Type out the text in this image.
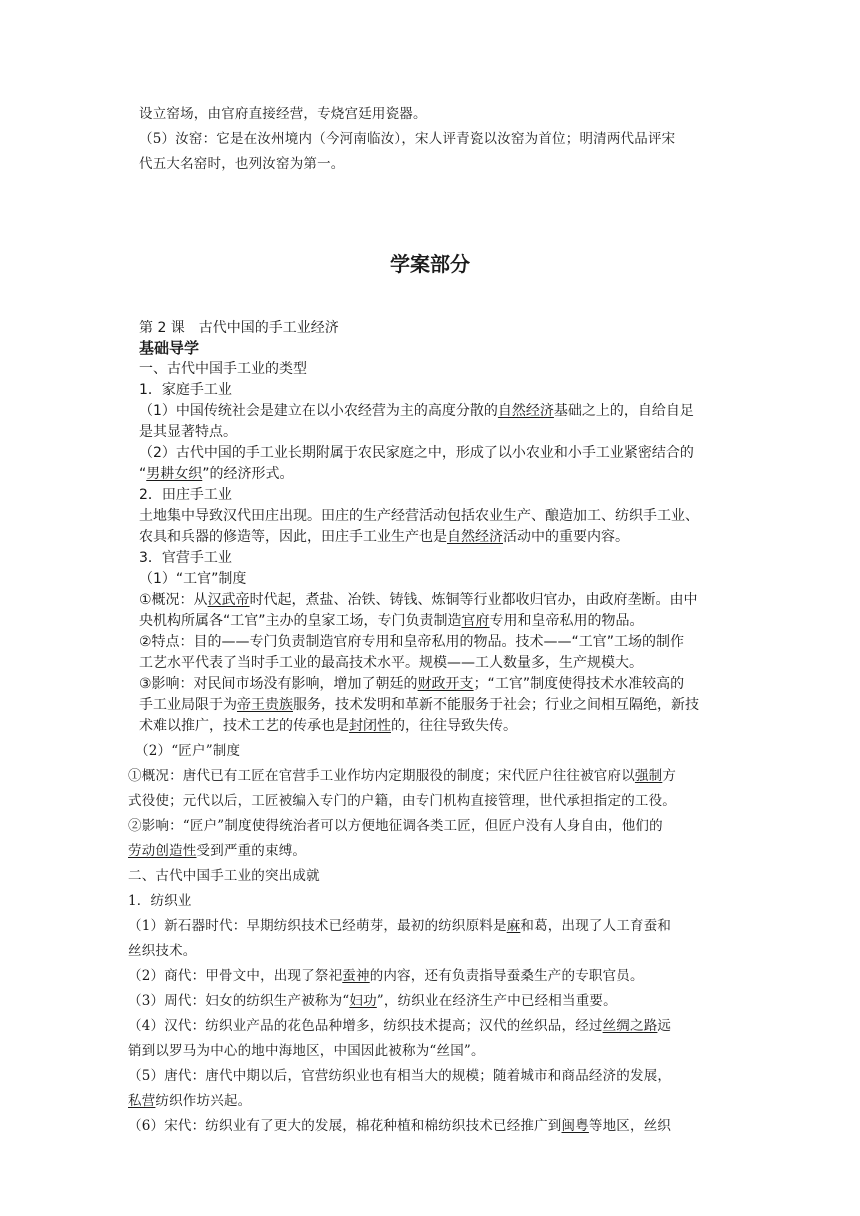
设立窑场，由官府直接经营，专烧宫廷用瓷器。
（5）汝窑：它是在汝州境内（今河南临汝），宋人评青瓷以汝窑为首位；明清两代品评宋
代五大名窑时，也列汝窑为第一。
学案部分
第 2 课　古代中国的手工业经济
基础导学
一、古代中国手工业的类型
1．家庭手工业
（1）中国传统社会是建立在以小农经营为主的高度分散的自然经济基础之上的，自给自足
是其显著特点。
（2）古代中国的手工业长期附属于农民家庭之中，形成了以小农业和小手工业紧密结合的
“男耕女织”的经济形式。
2．田庄手工业
土地集中导致汉代田庄出现。田庄的生产经营活动包括农业生产、酿造加工、纺织手工业、
农具和兵器的修造等，因此，田庄手工业生产也是自然经济活动中的重要内容。
3．官营手工业
（1）“工官”制度
①概况：从汉武帝时代起，煮盐、冶铁、铸钱、炼铜等行业都收归官办，由政府垄断。由中
央机构所属各“工官”主办的皇家工场，专门负责制造官府专用和皇帝私用的物品。
②特点：目的——专门负责制造官府专用和皇帝私用的物品。技术——“工官”工场的制作
工艺水平代表了当时手工业的最高技术水平。规模——工人数量多，生产规模大。
③影响：对民间市场没有影响，增加了朝廷的财政开支；“工官”制度使得技术水准较高的
手工业局限于为帝王贵族服务，技术发明和革新不能服务于社会；行业之间相互隔绝，新技
术难以推广，技术工艺的传承也是封闭性的，往往导致失传。
（2）“匠户”制度
①概况：唐代已有工匠在官营手工业作坊内定期服役的制度；宋代匠户往往被官府以强制方
式役使；元代以后，工匠被编入专门的户籍，由专门机构直接管理，世代承担指定的工役。
②影响：“匠户”制度使得统治者可以方便地征调各类工匠，但匠户没有人身自由，他们的
劳动创造性受到严重的束缚。
二、古代中国手工业的突出成就
1．纺织业
（1）新石器时代：早期纺织技术已经萌芽，最初的纺织原料是麻和葛，出现了人工育蚕和
丝织技术。
（2）商代：甲骨文中，出现了祭祀蚕神的内容，还有负责指导蚕桑生产的专职官员。
（3）周代：妇女的纺织生产被称为“妇功”，纺织业在经济生产中已经相当重要。
（4）汉代：纺织业产品的花色品种增多，纺织技术提高；汉代的丝织品，经过丝绸之路远
销到以罗马为中心的地中海地区，中国因此被称为“丝国”。
（5）唐代：唐代中期以后，官营纺织业也有相当大的规模；随着城市和商品经济的发展，
私营纺织作坊兴起。
（6）宋代：纺织业有了更大的发展，棉花种植和棉纺织技术已经推广到闽粤等地区，丝织
